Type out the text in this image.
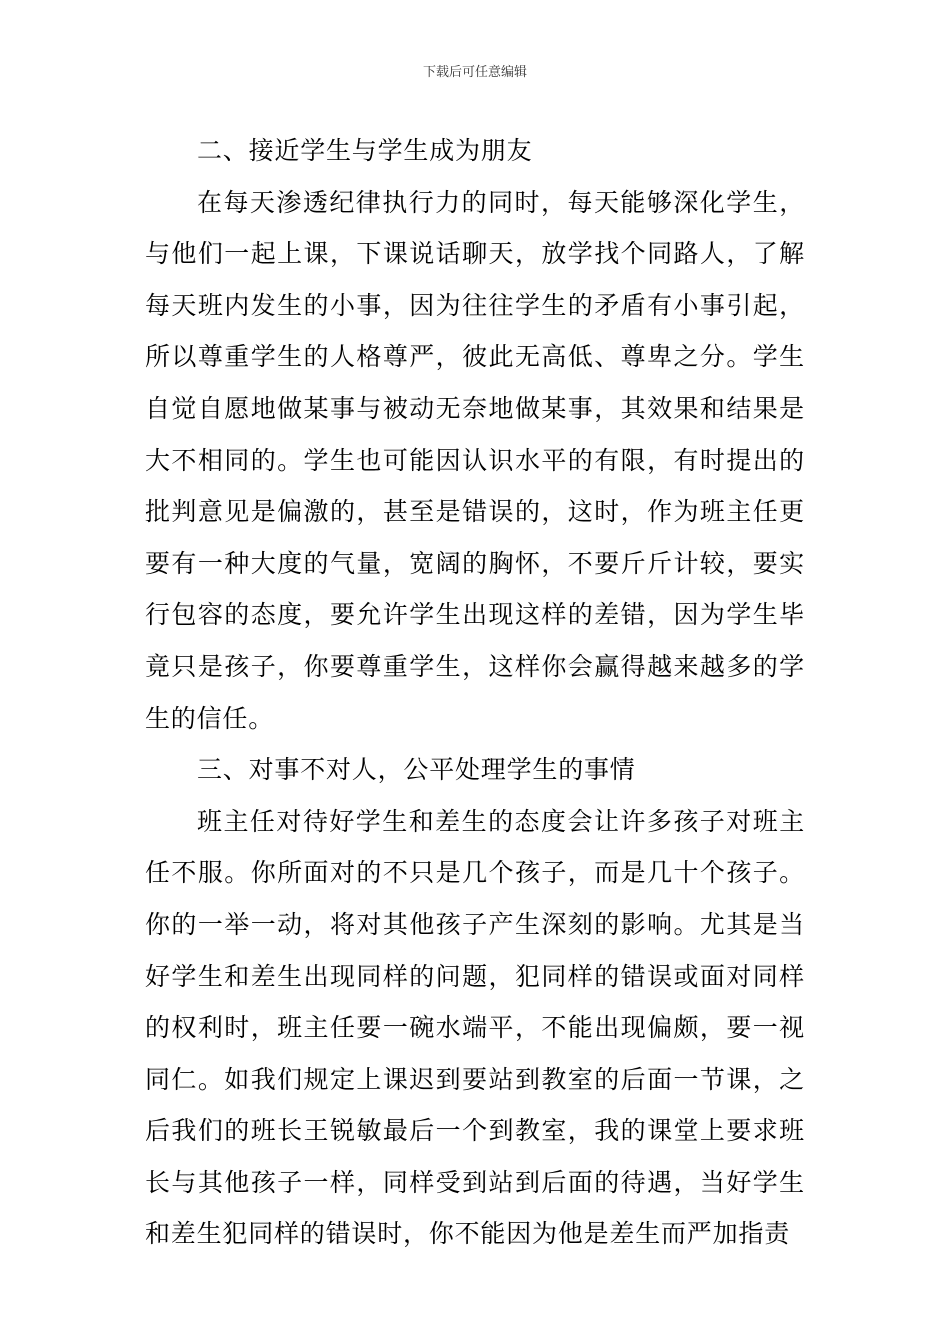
下载后可任意编辑

二、接近学生与学生成为朋友

在每天渗透纪律执行力的同时，每天能够深化学生，与他们一起上课，下课说话聊天，放学找个同路人，了解每天班内发生的小事，因为往往学生的矛盾有小事引起，所以尊重学生的人格尊严，彼此无高低、尊卑之分。学生自觉自愿地做某事与被动无奈地做某事，其效果和结果是大不相同的。学生也可能因认识水平的有限，有时提出的批判意见是偏激的，甚至是错误的，这时，作为班主任更要有一种大度的气量，宽阔的胸怀，不要斤斤计较，要实行包容的态度，要允许学生出现这样的差错，因为学生毕竟只是孩子，你要尊重学生，这样你会赢得越来越多的学生的信任。

三、对事不对人，公平处理学生的事情

班主任对待好学生和差生的态度会让许多孩子对班主任不服。你所面对的不只是几个孩子，而是几十个孩子。你的一举一动，将对其他孩子产生深刻的影响。尤其是当好学生和差生出现同样的问题，犯同样的错误或面对同样的权利时，班主任要一碗水端平，不能出现偏颇，要一视同仁。如我们规定上课迟到要站到教室的后面一节课，之后我们的班长王锐敏最后一个到教室，我的课堂上要求班长与其他孩子一样，同样受到站到后面的待遇，当好学生和差生犯同样的错误时，你不能因为他是差生而严加指责
